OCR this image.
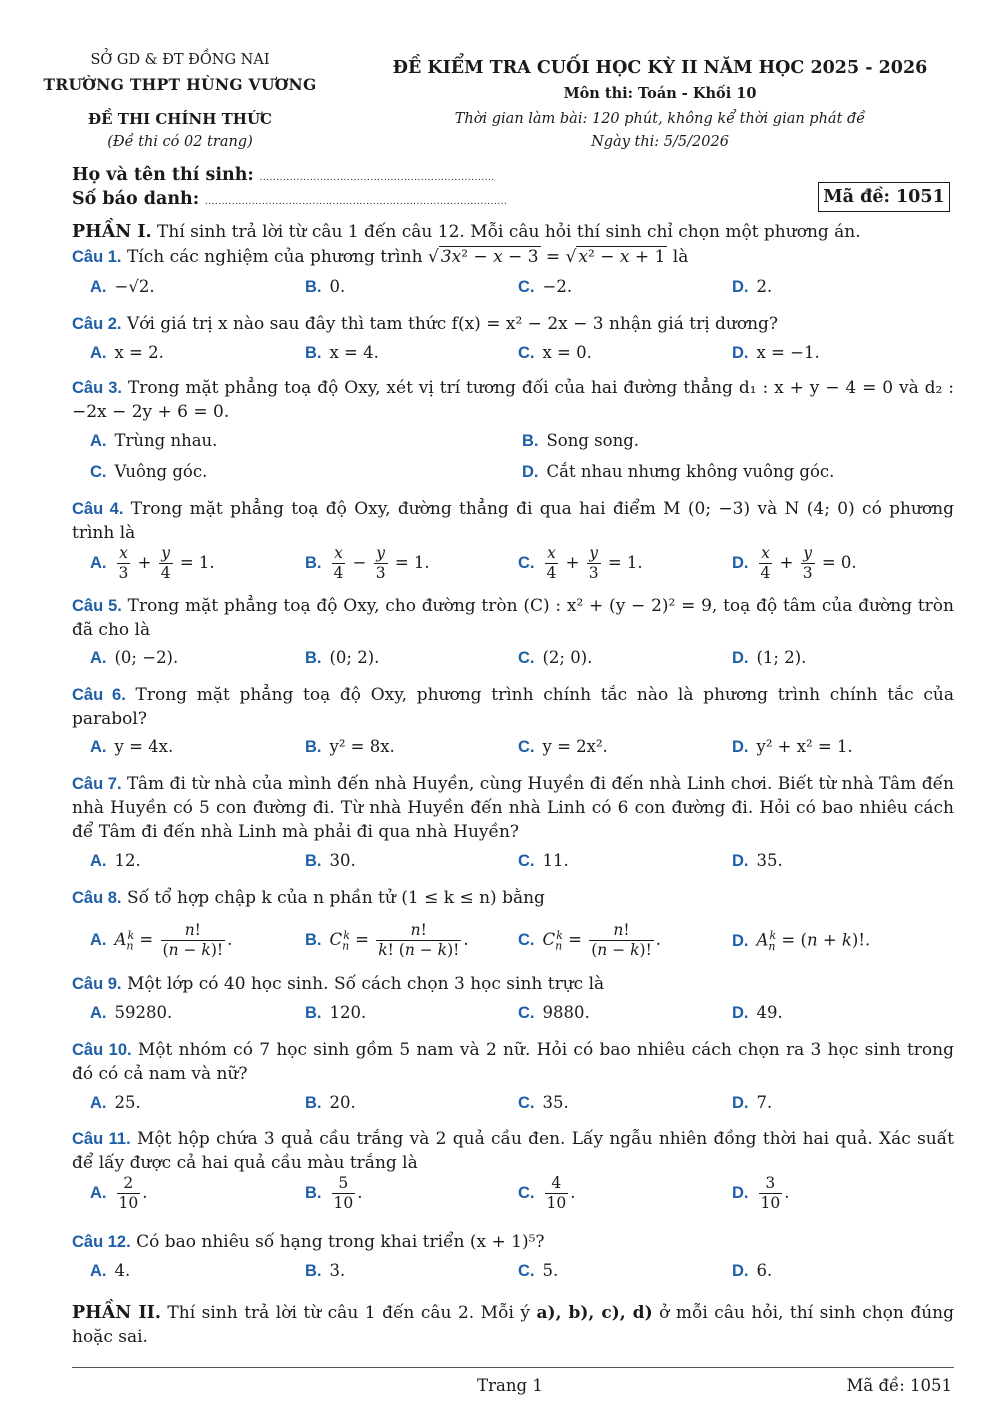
SỞ GD & ĐT ĐỒNG NAI
TRƯỜNG THPT HÙNG VƯƠNG
ĐỀ THI CHÍNH THỨC
(Đề thi có 02 trang)
ĐỀ KIỂM TRA CUỐI HỌC KỲ II NĂM HỌC 2025 - 2026
Môn thi: Toán - Khối 10
Thời gian làm bài: 120 phút, không kể thời gian phát đề
Ngày thi: 5/5/2026
Họ và tên thí sinh: ......................................................................
Số báo danh: ..........................................................................................	Mã đề: 1051
PHẦN I. Thí sinh trả lời từ câu 1 đến câu 12. Mỗi câu hỏi thí sinh chỉ chọn một phương án.
Câu 1. Tích các nghiệm của phương trình √ 3x² − x − 3 = √ x² − x + 1 là
A. −√2.	B. 0.	C. −2.	D. 2.
Câu 2. Với giá trị x nào sau đây thì tam thức f(x) = x² − 2x − 3 nhận giá trị dương?
A. x = 2.	B. x = 4.	C. x = 0.	D. x = −1.
Câu 3. Trong mặt phẳng toạ độ Oxy, xét vị trí tương đối của hai đường thẳng d₁ : x + y − 4 = 0 và d₂ : −2x − 2y + 6 = 0.
A. Trùng nhau.	B. Song song.
C. Vuông góc.	D. Cắt nhau nhưng không vuông góc.
Câu 4. Trong mặt phẳng toạ độ Oxy, đường thẳng đi qua hai điểm M (0; −3) và N (4; 0) có phương trình là
A. $\frac{x}{3} + \frac{y}{4} = 1$.	B. $\frac{x}{4} - \frac{y}{3} = 1$.	C. $\frac{x}{4} + \frac{y}{3} = 1$.	D. $\frac{x}{4} + \frac{y}{3} = 0$.
Câu 5. Trong mặt phẳng toạ độ Oxy, cho đường tròn (C) : x² + (y − 2)² = 9, toạ độ tâm của đường tròn đã cho là
A. (0; −2).	B. (0; 2).	C. (2; 0).	D. (1; 2).
Câu 6. Trong mặt phẳng toạ độ Oxy, phương trình chính tắc nào là phương trình chính tắc của parabol?
A. y = 4x.	B. y² = 8x.	C. y = 2x².	D. y² + x² = 1.
Câu 7. Tâm đi từ nhà của mình đến nhà Huyền, cùng Huyền đi đến nhà Linh chơi. Biết từ nhà Tâm đến nhà Huyền có 5 con đường đi. Từ nhà Huyền đến nhà Linh có 6 con đường đi. Hỏi có bao nhiêu cách để Tâm đi đến nhà Linh mà phải đi qua nhà Huyền?
A. 12.	B. 30.	C. 11.	D. 35.
Câu 8. Số tổ hợp chập k của n phần tử (1 ≤ k ≤ n) bằng
A. $A_n^k = \frac{n!}{(n - k)!}$ .	B. $C_n^k = \frac{n!}{k! (n - k)!}$ .	C. $C_n^k = \frac{n!}{(n - k)!}$ .	D. $A_n^k = (n + k)$!.
Câu 9. Một lớp có 40 học sinh. Số cách chọn 3 học sinh trực là
A. 59280.	B. 120.	C. 9880.	D. 49.
Câu 10. Một nhóm có 7 học sinh gồm 5 nam và 2 nữ. Hỏi có bao nhiêu cách chọn ra 3 học sinh trong đó có cả nam và nữ?
A. 25.	B. 20.	C. 35.	D. 7.
Câu 11. Một hộp chứa 3 quả cầu trắng và 2 quả cầu đen. Lấy ngẫu nhiên đồng thời hai quả. Xác suất để lấy được cả hai quả cầu màu trắng là
A. $\frac{2}{10}$ .	B. $\frac{5}{10}$ .	C. $\frac{4}{10}$ .	D. $\frac{3}{10}$ .
Câu 12. Có bao nhiêu số hạng trong khai triển (x + 1)⁵?
A. 4.	B. 3.	C. 5.	D. 6.
PHẦN II. Thí sinh trả lời từ câu 1 đến câu 2. Mỗi ý a), b), c), d) ở mỗi câu hỏi, thí sinh chọn đúng hoặc sai.
Trang 1	Mã đề: 1051
